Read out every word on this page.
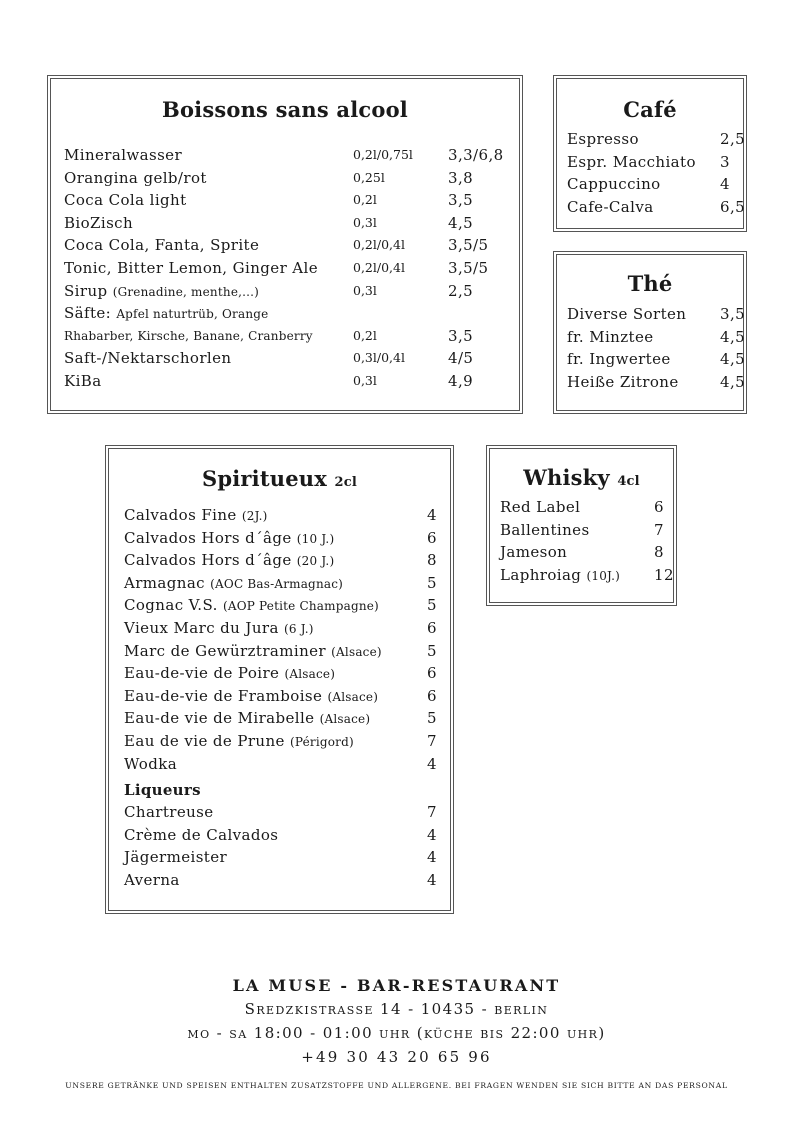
Boissons sans alcool
Mineralwasser	0,2l/0,75l 3,3/6,8
Orangina gelb/rot	0,25l	3,8
Coca Cola light	0,2l	3,5
BioZisch	0,3l	4,5
Coca Cola, Fanta, Sprite	0,2l/0,4l	3,5/5
Tonic, Bitter Lemon, Ginger Ale	0,2l/0,4l	3,5/5
Sirup (Grenadine, menthe,...)	0,3l	2,5
Säfte: Apfel naturtrüb, Orange
Rhabarber, Kirsche, Banane, Cranberry	0,2l	3,5
Saft-/Nektarschorlen	0,3l/0,4l	4/5
KiBa	0,3l	4,9
Café
Espresso	2,5
Espr. Macchiato 3
Cappuccino	4
Cafe-Calva	6,5
Thé
Diverse Sorten 3,5
fr. Minztee	4,5
fr. Ingwertee	4,5
Heiße Zitrone	4,5
Spiritueux 2cl
Calvados Fine (2J.)	4
Calvados Hors d´âge (10 J.)	6
Calvados Hors d´âge (20 J.)	8
Armagnac (AOC Bas-Armagnac)	5
Cognac V.S. (AOP Petite Champagne)	5
Vieux Marc du Jura (6 J.)	6
Marc de Gewürztraminer (Alsace)	5
Eau-de-vie de Poire (Alsace)	6
Eau-de-vie de Framboise (Alsace)	6
Eau-de vie de Mirabelle (Alsace)	5
Eau de vie de Prune (Périgord)	7
Wodka	4
Liqueurs
Chartreuse	7
Crème de Calvados	4
Jägermeister	4
Averna	4
Whisky 4cl
Red Label	6
Ballentines	7
Jameson	8
Laphroiag (10J.) 12
LA MUSE - BAR-RESTAURANT
Sredzkistrasse 14 - 10435 - berlin
mo - sa 18:00 - 01:00 uhr (küche bis 22:00 uhr)
+49 30 43 20 65 96
UNSERE GETRÄNKE UND SPEISEN ENTHALTEN ZUSATZSTOFFE UND ALLERGENE. BEI FRAGEN WENDEN SIE SICH BITTE AN DAS PERSONAL
